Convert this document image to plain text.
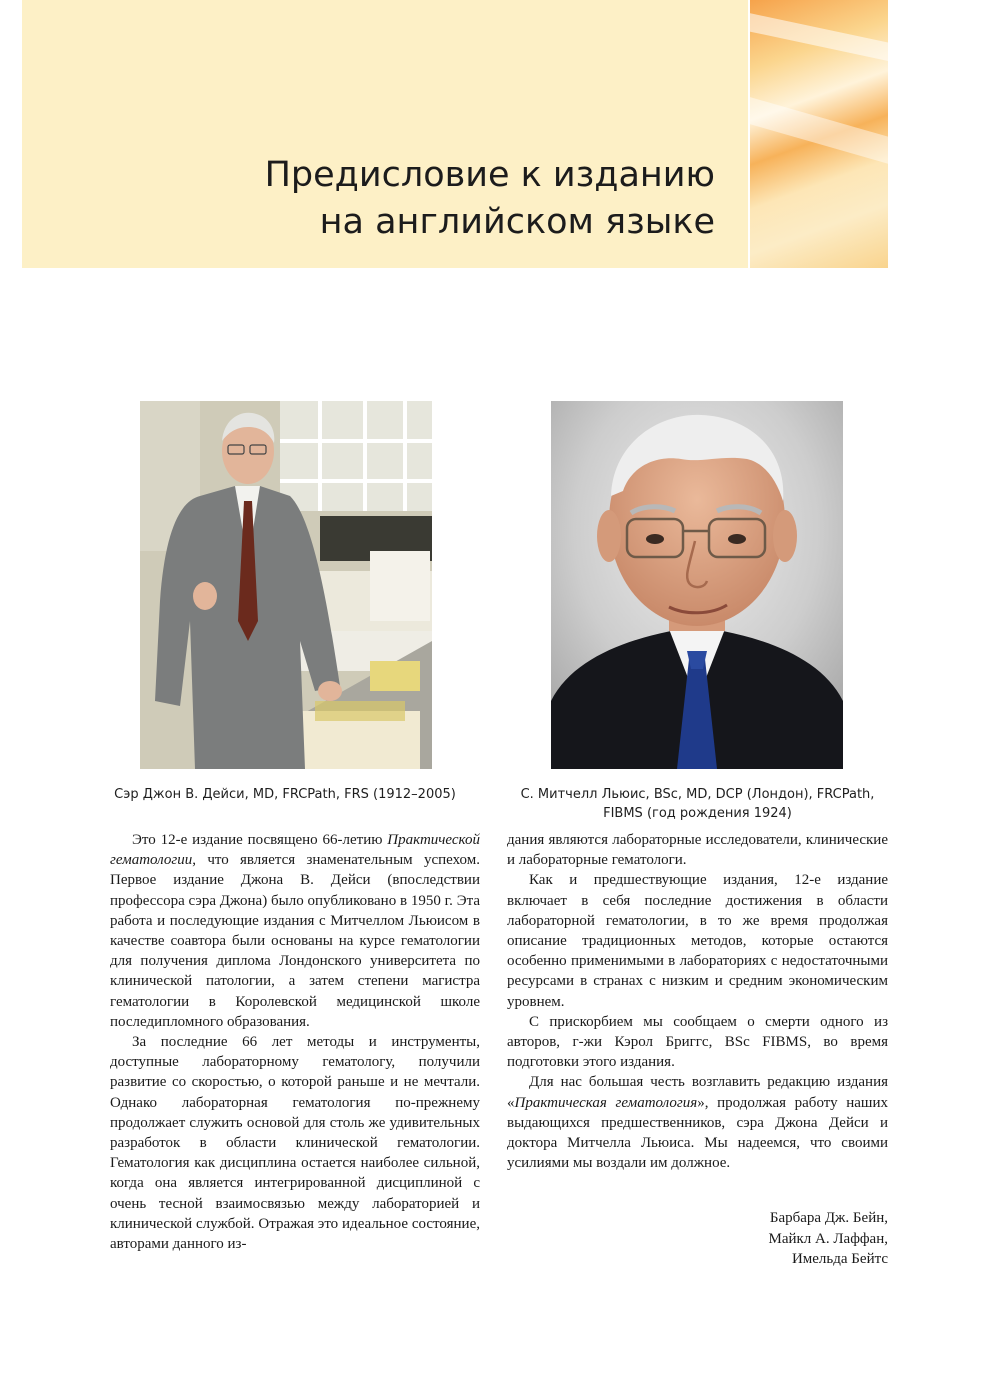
Предисловие к изданию
на английском языке
Сэр Джон В. Дейси, MD, FRCPath, FRS (1912–2005)	С. Митчелл Льюис, BSc, MD, DCP (Лондон), FRCPath,
FIBMS (год рождения 1924)

Это 12-е издание посвящено 66-летию Практической гематологии, что является знаменательным успехом. Первое издание Джона В. Дейси (впоследствии профессора сэра Джона) было опубликовано в 1950 г. Эта работа и последующие издания с Митчеллом Льюисом в качестве соавтора были основаны на курсе гематологии для получения диплома Лондонского университета по клинической патологии, а затем степени магистра гематологии в Королевской медицинской школе последипломного образования.

За последние 66 лет методы и инструменты, доступные лабораторному гематологу, получили развитие со скоростью, о которой раньше и не мечтали. Однако лабораторная гематология по-прежнему продолжает служить основой для столь же удивительных разработок в области клинической гематологии. Гематология как дисциплина остается наиболее сильной, когда она является интегрированной дисциплиной с очень тесной взаимосвязью между лабораторией и клинической службой. Отражая это идеальное состояние, авторами данного из-

дания являются лабораторные исследователи, клинические и лабораторные гематологи.

Как и предшествующие издания, 12-е издание включает в себя последние достижения в области лабораторной гематологии, в то же время продолжая описание традиционных методов, которые остаются особенно применимыми в лабораториях с недостаточными ресурсами в странах с низким и средним экономическим уровнем.

С прискорбием мы сообщаем о смерти одного из авторов, г-жи Кэрол Бриггс, BSc FIBMS, во время подготовки этого издания.

Для нас большая честь возглавить редакцию издания «Практическая гематология», продолжая работу наших выдающихся предшественников, сэра Джона Дейси и доктора Митчелла Льюиса. Мы надеемся, что своими усилиями мы воздали им должное.

Барбара Дж. Бейн,
Майкл А. Лаффан,
Имельда Бейтс
